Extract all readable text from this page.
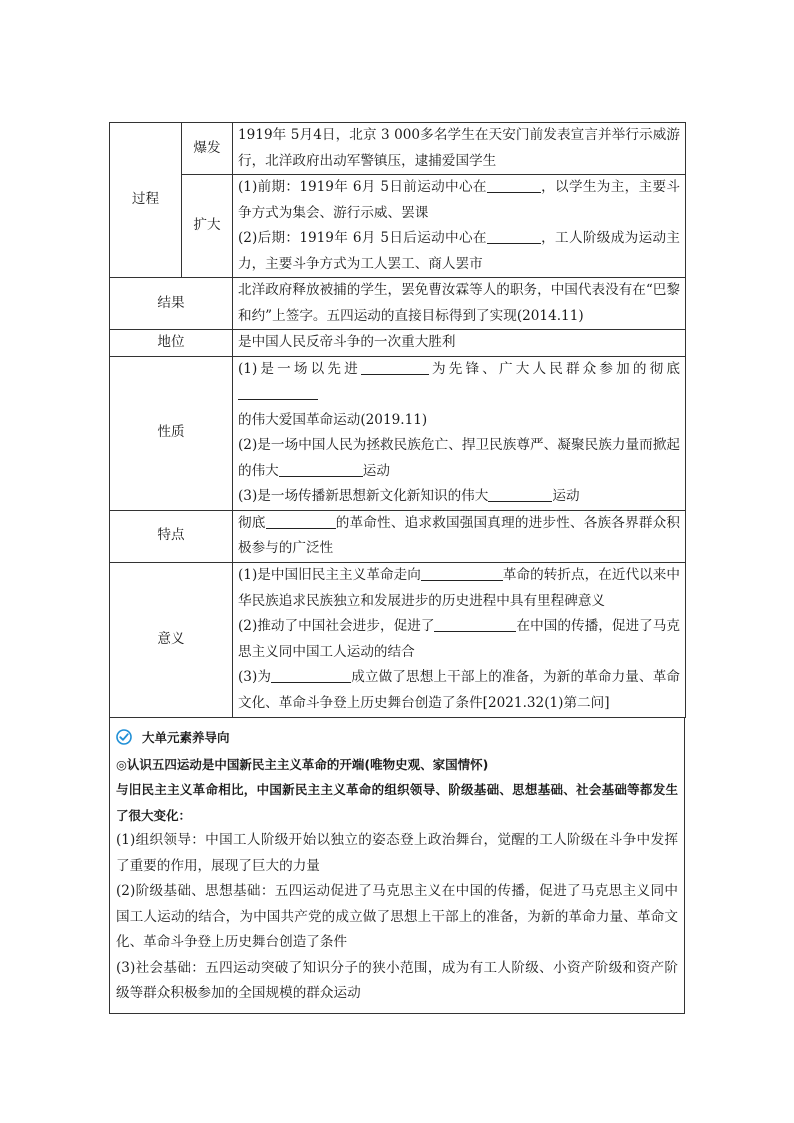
过程	爆发	1919年 5月4日，北京 3 000多名学生在天安门前发表宣言并举行示威游行，北洋政府出动军警镇压，逮捕爱国学生
	扩大	(1)前期：1919年 6月 5日前运动中心在 ，以学生为主，主要斗争方式为集会、游行示威、罢课
(2)后期：1919年 6月 5日后运动中心在 ，工人阶级成为运动主力，主要斗争方式为工人罢工、商人罢市
结果		北洋政府释放被捕的学生，罢免曹汝霖等人的职务，中国代表没有在“巴黎和约”上签字。五四运动的直接目标得到了实现(2014.11)
地位		是中国人民反帝斗争的一次重大胜利
性质		(1)是一场以先进 为先锋、广大人民群众参加的彻底
的伟大爱国革命运动(2019.11)
(2)是一场中国人民为拯救民族危亡、捍卫民族尊严、凝聚民族力量而掀起的伟大 运动
(3)是一场传播新思想新文化新知识的伟大 运动
特点		彻底 的革命性、追求救国强国真理的进步性、各族各界群众积极参与的广泛性
意义		(1)是中国旧民主主义革命走向 革命的转折点，在近代以来中华民族追求民族独立和发展进步的历史进程中具有里程碑意义
(2)推动了中国社会进步，促进了 在中国的传播，促进了马克思主义同中国工人运动的结合
(3)为 成立做了思想上干部上的准备，为新的革命力量、革命文化、革命斗争登上历史舞台创造了条件[2021.32(1)第二问]
大单元素养导向

◎认识五四运动是中国新民主主义革命的开端(唯物史观、家国情怀)

与旧民主主义革命相比，中国新民主主义革命的组织领导、阶级基础、思想基础、社会基础等都发生了很大变化：

(1)组织领导：中国工人阶级开始以独立的姿态登上政治舞台，觉醒的工人阶级在斗争中发挥了重要的作用，展现了巨大的力量

(2)阶级基础、思想基础：五四运动促进了马克思主义在中国的传播，促进了马克思主义同中国工人运动的结合，为中国共产党的成立做了思想上干部上的准备，为新的革命力量、革命文化、革命斗争登上历史舞台创造了条件

(3)社会基础：五四运动突破了知识分子的狭小范围，成为有工人阶级、小资产阶级和资产阶级等群众积极参加的全国规模的群众运动
